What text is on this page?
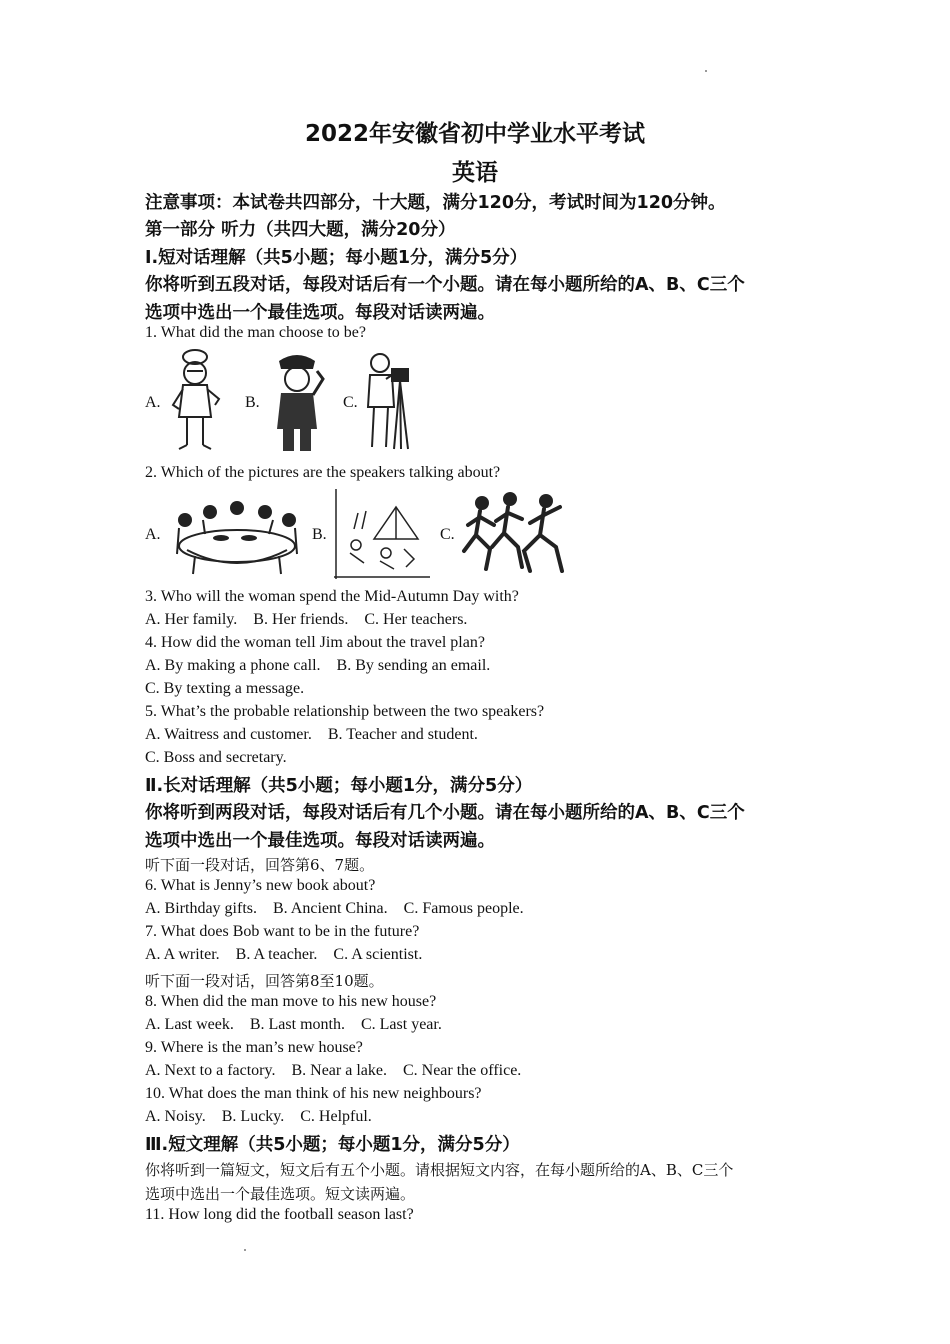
2022年安徽省初中学业水平考试
英语
注意事项：本试卷共四部分，十大题，满分120分，考试时间为120分钟。
第一部分 听力（共四大题，满分20分）
Ⅰ.短对话理解（共5小题；每小题1分，满分5分）
你将听到五段对话，每段对话后有一个小题。请在每小题所给的A、B、C三个
选项中选出一个最佳选项。每段对话读两遍。
1. What did the man choose to be?
A.	B.	C.
2. Which of the pictures are the speakers talking about?
A.	B.	C.
3. Who will the woman spend the Mid-Autumn Day with?
A. Her family.    B. Her friends.    C. Her teachers.
4. How did the woman tell Jim about the travel plan?
A. By making a phone call.    B. By sending an email.
C. By texting a message.
5. What’s the probable relationship between the two speakers?
A. Waitress and customer.    B. Teacher and student.
C. Boss and secretary.
Ⅱ.长对话理解（共5小题；每小题1分，满分5分）
你将听到两段对话，每段对话后有几个小题。请在每小题所给的A、B、C三个
选项中选出一个最佳选项。每段对话读两遍。
听下面一段对话，回答第6、7题。
6. What is Jenny’s new book about?
A. Birthday gifts.    B. Ancient China.    C. Famous people.
7. What does Bob want to be in the future?
A. A writer.    B. A teacher.    C. A scientist.
听下面一段对话，回答第8至10题。
8. When did the man move to his new house?
A. Last week.    B. Last month.    C. Last year.
9. Where is the man’s new house?
A. Next to a factory.    B. Near a lake.    C. Near the office.
10. What does the man think of his new neighbours?
A. Noisy.    B. Lucky.    C. Helpful.
Ⅲ.短文理解（共5小题；每小题1分，满分5分）
你将听到一篇短文，短文后有五个小题。请根据短文内容，在每小题所给的A、B、C三个
选项中选出一个最佳选项。短文读两遍。
11. How long did the football season last?
